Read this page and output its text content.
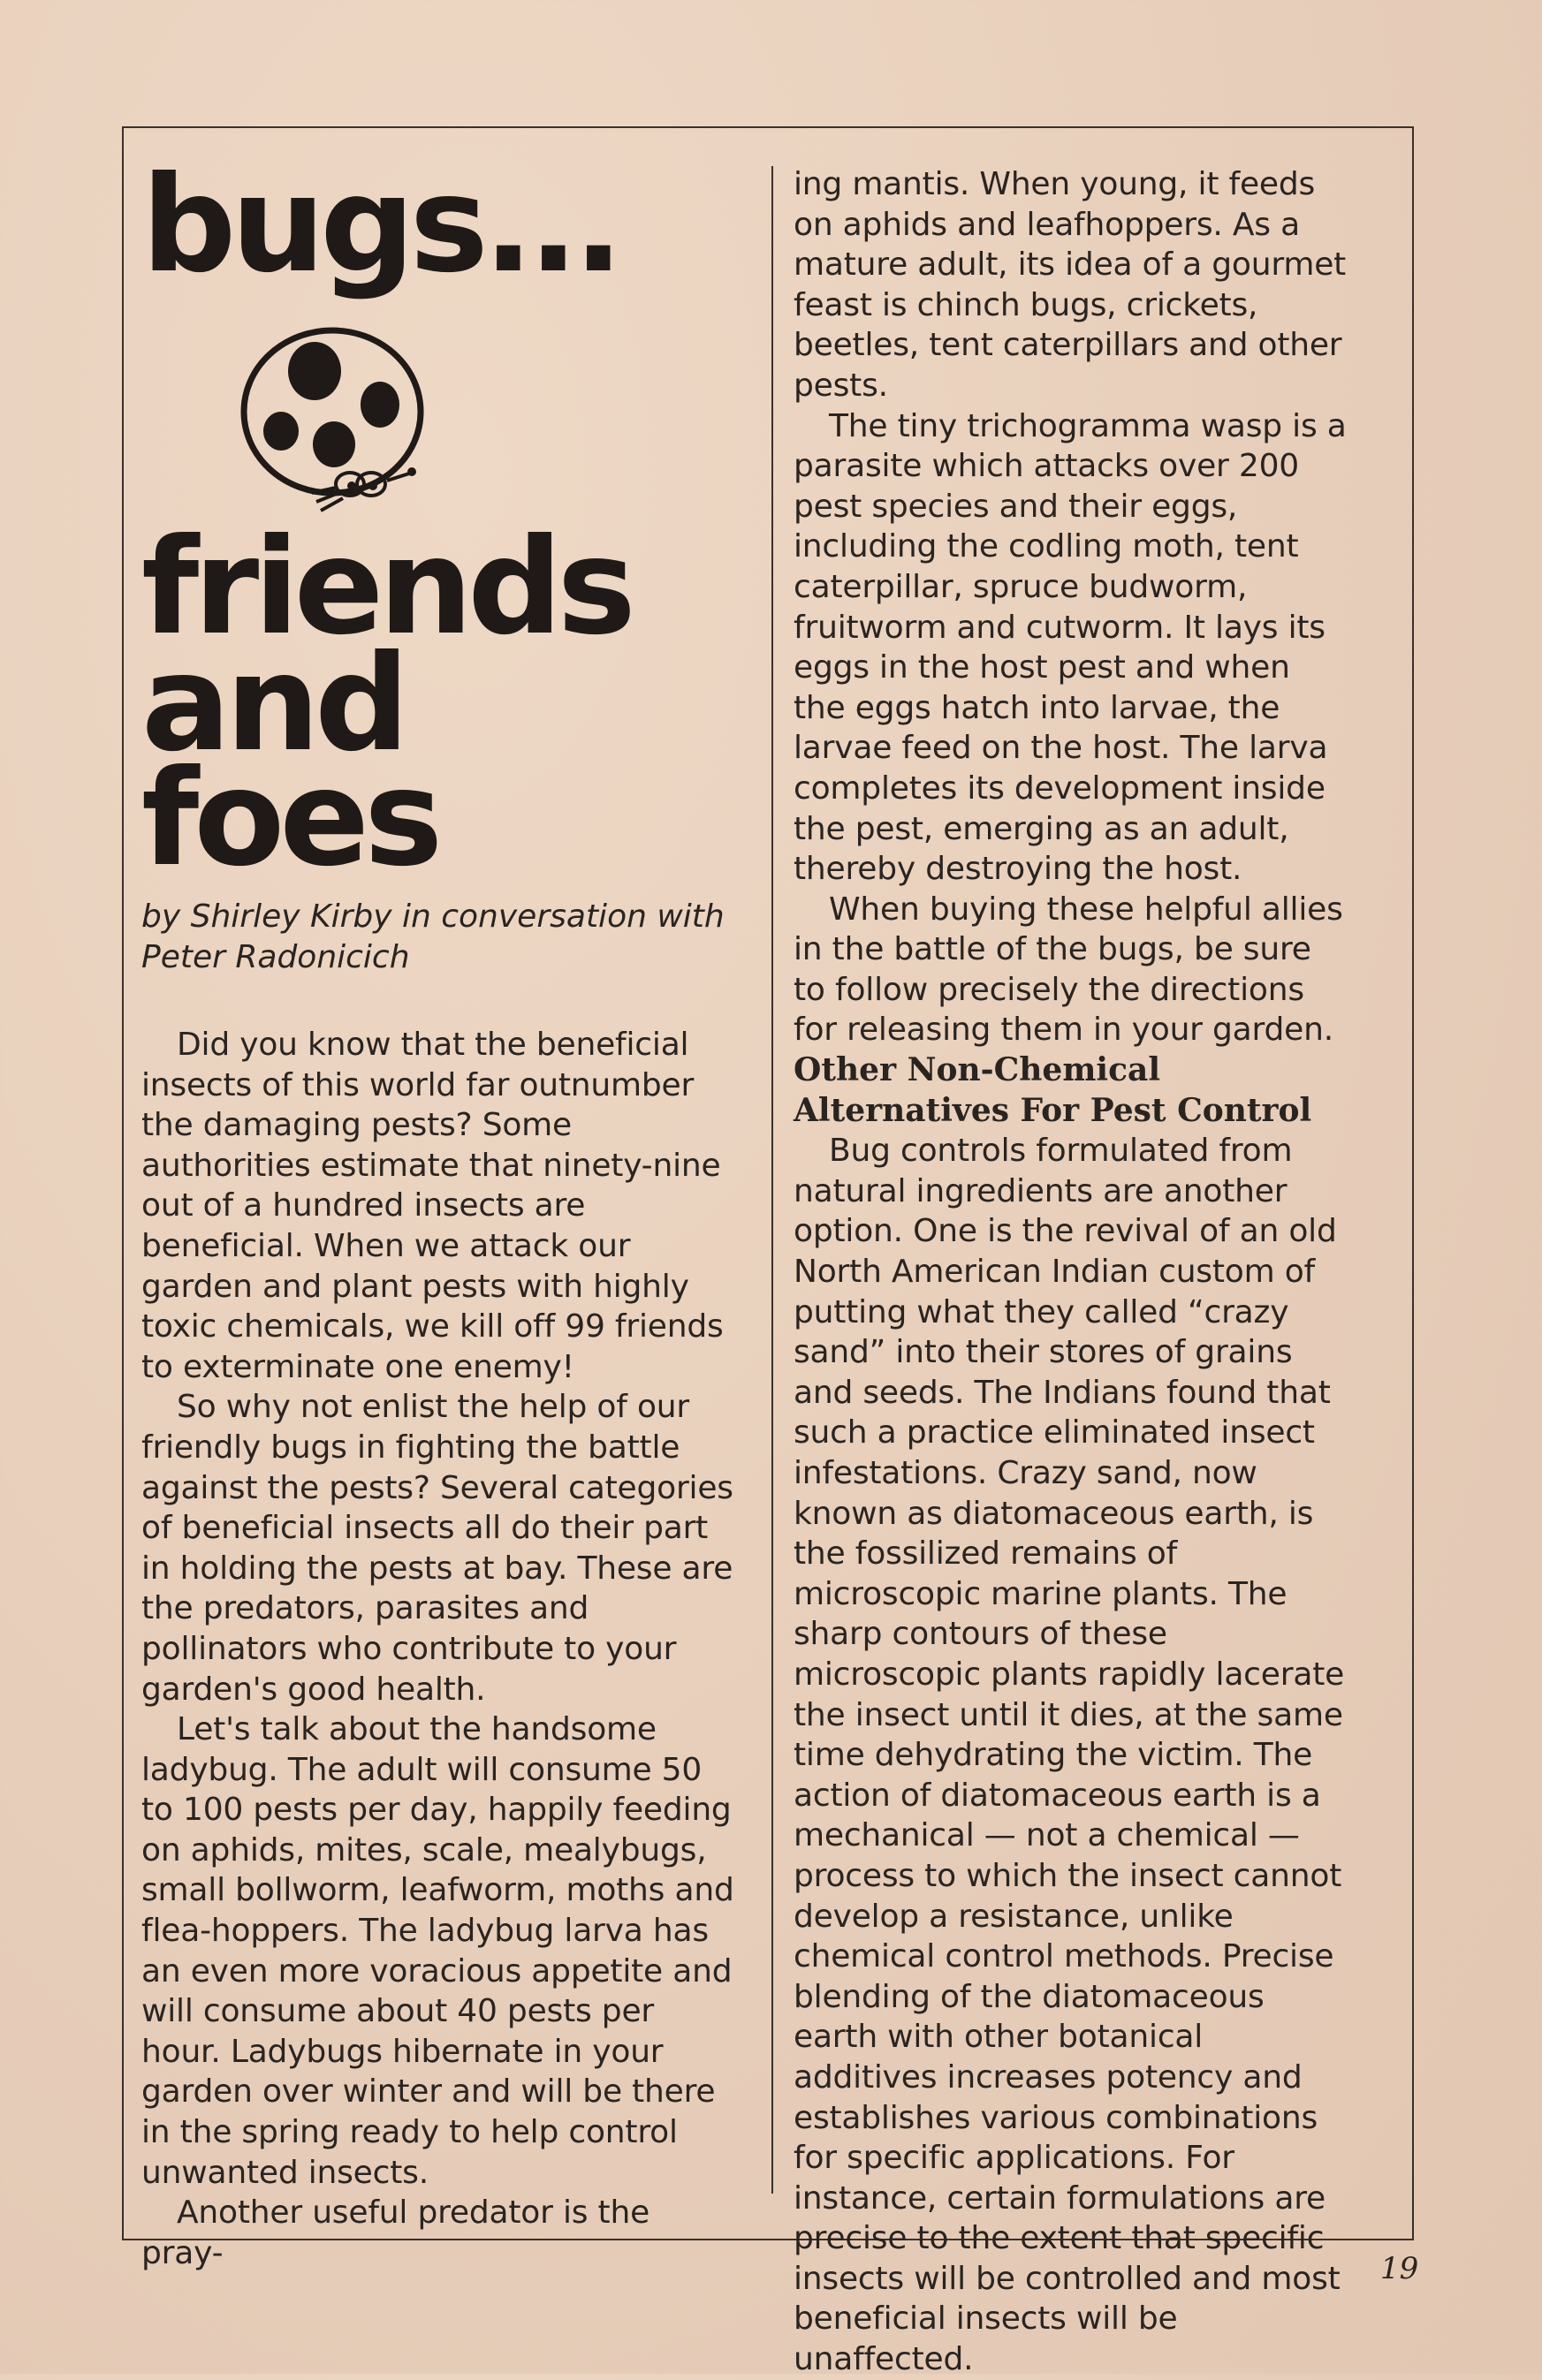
bugs...
friends
and
foes
by Shirley Kirby in conversation with Peter Radonicich

Did you know that the beneficial insects of this world far outnumber the damaging pests? Some authorities estimate that ninety-nine out of a hundred insects are beneficial. When we attack our garden and plant pests with highly toxic chemicals, we kill off 99 friends to exterminate one enemy!

So why not enlist the help of our friendly bugs in fighting the battle against the pests? Several categories of beneficial insects all do their part in holding the pests at bay. These are the predators, parasites and pollinators who contribute to your garden's good health.

Let's talk about the handsome ladybug. The adult will consume 50 to 100 pests per day, happily feeding on aphids, mites, scale, mealybugs, small bollworm, leafworm, moths and flea-hoppers. The ladybug larva has an even more voracious appetite and will consume about 40 pests per hour. Ladybugs hibernate in your garden over winter and will be there in the spring ready to help control unwanted insects.

Another useful predator is the pray-

ing mantis. When young, it feeds on aphids and leafhoppers. As a mature adult, its idea of a gourmet feast is chinch bugs, crickets, beetles, tent caterpillars and other pests.

The tiny trichogramma wasp is a parasite which attacks over 200 pest species and their eggs, including the codling moth, tent caterpillar, spruce budworm, fruitworm and cutworm. It lays its eggs in the host pest and when the eggs hatch into larvae, the larvae feed on the host. The larva completes its development inside the pest, emerging as an adult, thereby destroying the host.

When buying these helpful allies in the battle of the bugs, be sure to follow precisely the directions for releasing them in your garden.

Other Non-Chemical Alternatives For Pest Control

Bug controls formulated from natural ingredients are another option. One is the revival of an old North American Indian custom of putting what they called “crazy sand” into their stores of grains and seeds. The Indians found that such a practice eliminated insect infestations. Crazy sand, now known as diatomaceous earth, is the fossilized remains of microscopic marine plants. The sharp contours of these microscopic plants rapidly lacerate the insect until it dies, at the same time dehydrating the victim. The action of diatomaceous earth is a mechanical — not a chemical — process to which the insect cannot develop a resistance, unlike chemical control methods. Precise blending of the diatomaceous earth with other botanical additives increases potency and establishes various combinations for specific applications. For instance, certain formulations are precise to the extent that specific insects will be controlled and most beneficial insects will be unaffected.

19
